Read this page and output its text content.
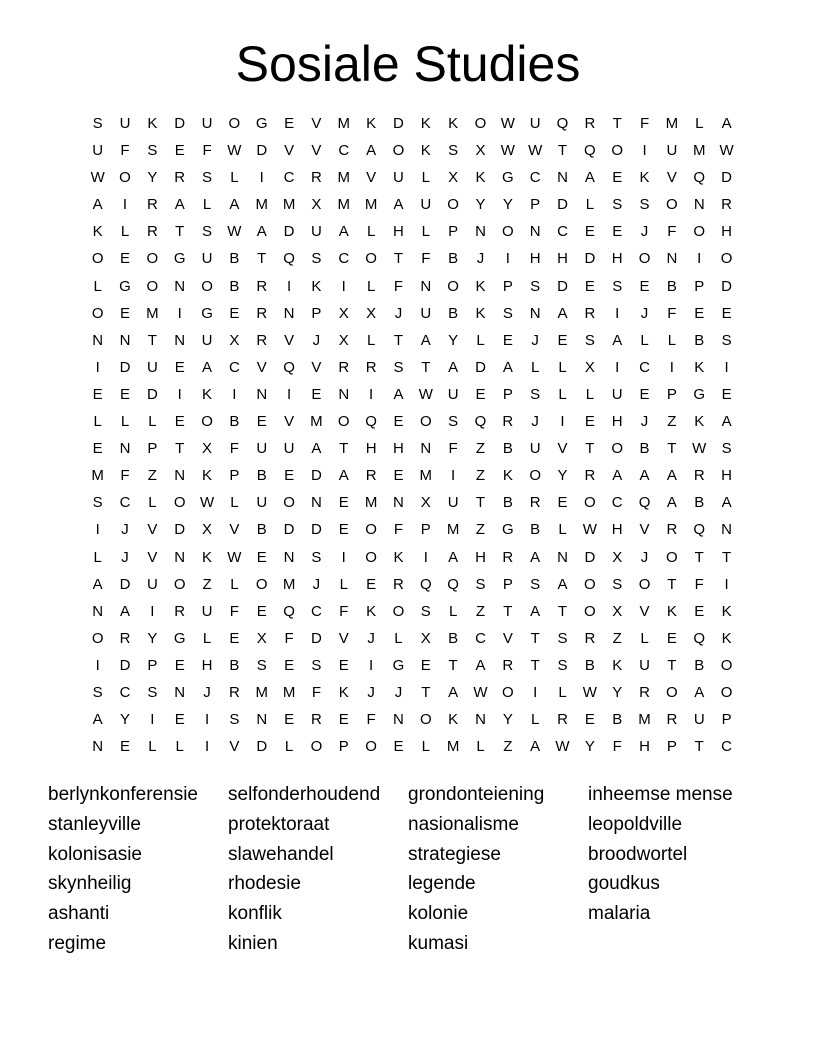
Sosiale Studies
S	U	K	D	U	O	G	E	V	M	K	D	K	K	O W U	Q	R	T	F	M	L	A
U	F	S	E	F	W D	V	V	C	A	O	K	S	X	W W	T	Q	O	I	U	M W
W O	Y	R	S	L	I	C	R	M	V	U	L	X	K	G	C	N	A	E	K	V	Q	D
A	I	R	A	L	A	M M	X	M M	A	U	O	Y	Y	P	D	L	S	S	O	N	R
K	L	R	T	S	W	A	D	U	A	L	H	L	P	N	O	N	C	E	E	J	F	O	H
O	E	O	G	U	B	T	Q	S	C	O	T	F	B	J	I	H	H	D	H	O	N	I	O
L	G	O	N	O	B	R	I	K	I	L	F	N	O	K	P	S	D	E	S	E	B	P	D
O	E	M	I	G	E	R	N	P	X	X	J	U	B	K	S	N	A	R	I	J	F	E	E
N	N	T	N	U	X	R	V	J	X	L	T	A	Y	L	E	J	E	S	A	L	L	B	S
I	D	U	E	A	C	V	Q	V	R	R	S	T	A	D	A	L	L	X	I	C	I	K	I
E	E	D	I	K	I	N	I	E	N	I	A	W U	E	P	S	L	L	U	E	P	G	E
L	L	L	E	O	B	E	V	M	O	Q	E	O	S	Q	R	J	I	E	H	J	Z	K	A
E	N	P	T	X	F	U	U	A	T	H	H	N	F	Z	B	U	V	T	O	B	T	W	S
M	F	Z	N	K	P	B	E	D	A	R	E	M	I	Z	K	O	Y	R	A	A	A	R	H
S	C	L	O W	L	U	O	N	E	M	N	X	U	T	B	R	E	O	C	Q	A	B	A
I	J	V	D	X	V	B	D	D	E	O	F	P	M	Z	G	B	L	W H	V	R	Q	N
L	J	V	N	K	W	E	N	S	I	O	K	I	A	H	R	A	N	D	X	J	O	T	T
A	D	U	O	Z	L	O	M	J	L	E	R	Q	Q	S	P	S	A	O	S	O	T	F	I
N	A	I	R	U	F	E	Q	C	F	K	O	S	L	Z	T	A	T	O	X	V	K	E	K
O	R	Y	G	L	E	X	F	D	V	J	L	X	B	C	V	T	S	R	Z	L	E	Q	K
I	D	P	E	H	B	S	E	S	E	I	G	E	T	A	R	T	S	B	K	U	T	B	O
S	C	S	N	J	R	M M	F	K	J	J	T	A	W O	I	L	W	Y	R	O	A	O
A	Y	I	E	I	S	N	E	R	E	F	N	O	K	N	Y	L	R	E	B	M	R	U	P
N	E	L	L	I	V	D	L	O	P	O	E	L	M	L	Z	A	W	Y	F	H	P	T	C
berlynkonferensie	selfonderhoudend	grondonteiening	inheemse mense
stanleyville	protektoraat	nasionalisme	leopoldville
kolonisasie	slawehandel	strategiese	broodwortel
skynheilig	rhodesie	legende	goudkus
ashanti	konflik	kolonie	malaria
regime	kinien	kumasi
